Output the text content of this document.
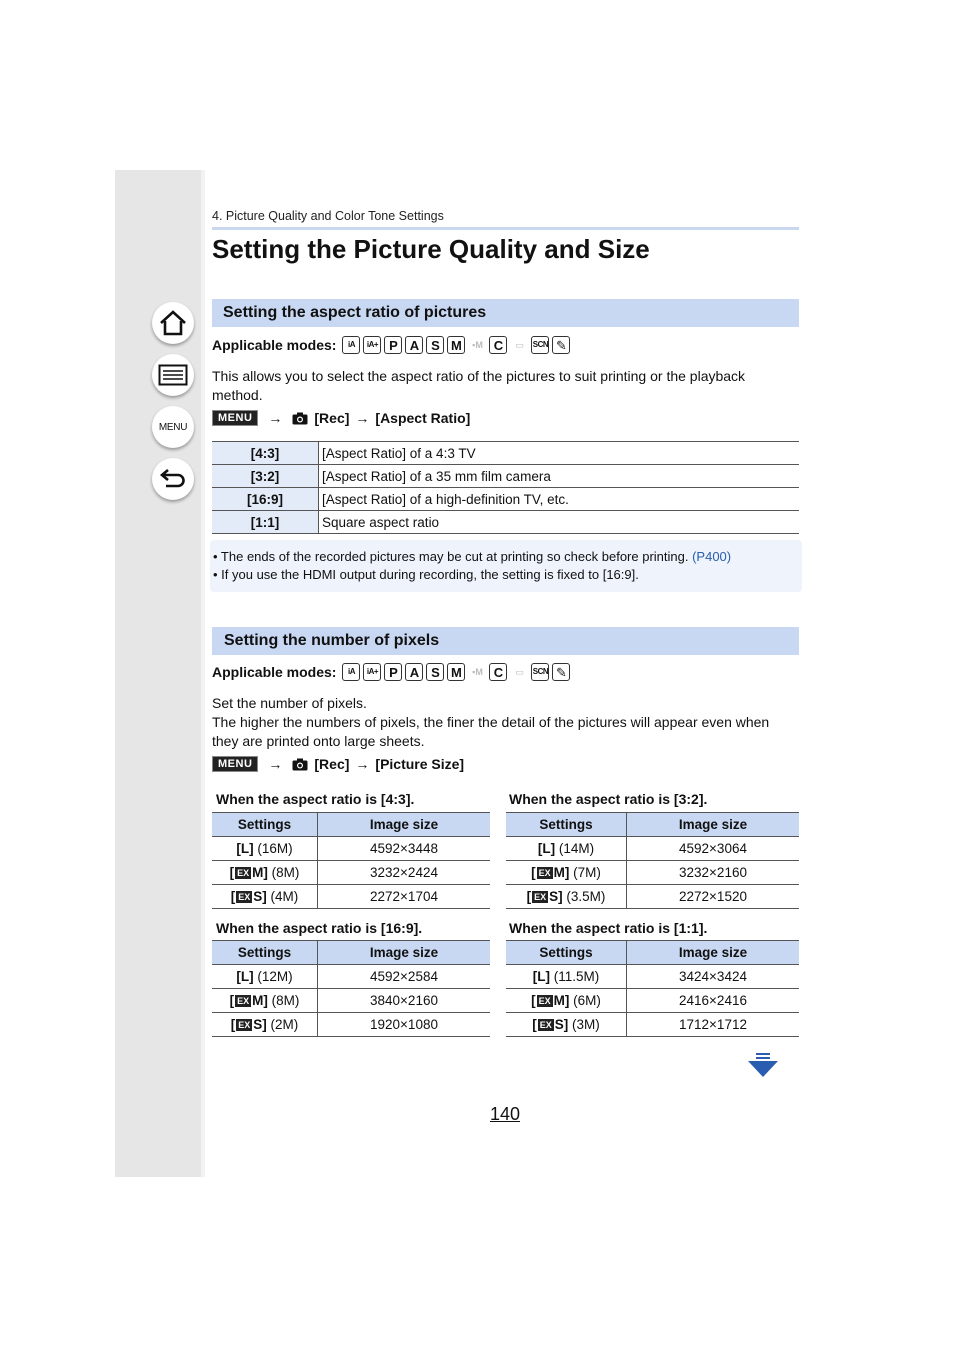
MENU
4. Picture Quality and Color Tone Settings
Setting the Picture Quality and Size
Setting the aspect ratio of pictures
Applicable modes:	iA	iA+ P A S M	▪M C	▭	SCN ✎
This allows you to select the aspect ratio of the pictures to suit printing or the playback
method.
MENU	→ [Rec] → [Aspect Ratio]
[4:3]	[Aspect Ratio] of a 4:3 TV
[3:2]	[Aspect Ratio] of a 35 mm film camera
[16:9]	[Aspect Ratio] of a high-definition TV, etc.
[1:1]	Square aspect ratio
• The ends of the recorded pictures may be cut at printing so check before printing. (P400)
• If you use the HDMI output during recording, the setting is fixed to [16:9].
Setting the number of pixels
Applicable modes:	iA	iA+ P A S M	▪M C	▭	SCN ✎
Set the number of pixels.
The higher the numbers of pixels, the finer the detail of the pictures will appear even when
they are printed onto large sheets.
MENU	→ [Rec] → [Picture Size]
When the aspect ratio is [4:3].
Settings	Image size
[L] (16M)	4592×3448
[ EX M] (8M)	3232×2424
[ EX S] (4M)	2272×1704
When the aspect ratio is [3:2].
Settings	Image size
[L] (14M)	4592×3064
[ EX M] (7M)	3232×2160
[ EX S] (3.5M)	2272×1520
When the aspect ratio is [16:9].
Settings	Image size
[L] (12M)	4592×2584
[ EX M] (8M)	3840×2160
[ EX S] (2M)	1920×1080
When the aspect ratio is [1:1].
Settings	Image size
[L] (11.5M)	3424×3424
[ EX M] (6M)	2416×2416
[ EX S] (3M)	1712×1712
140
